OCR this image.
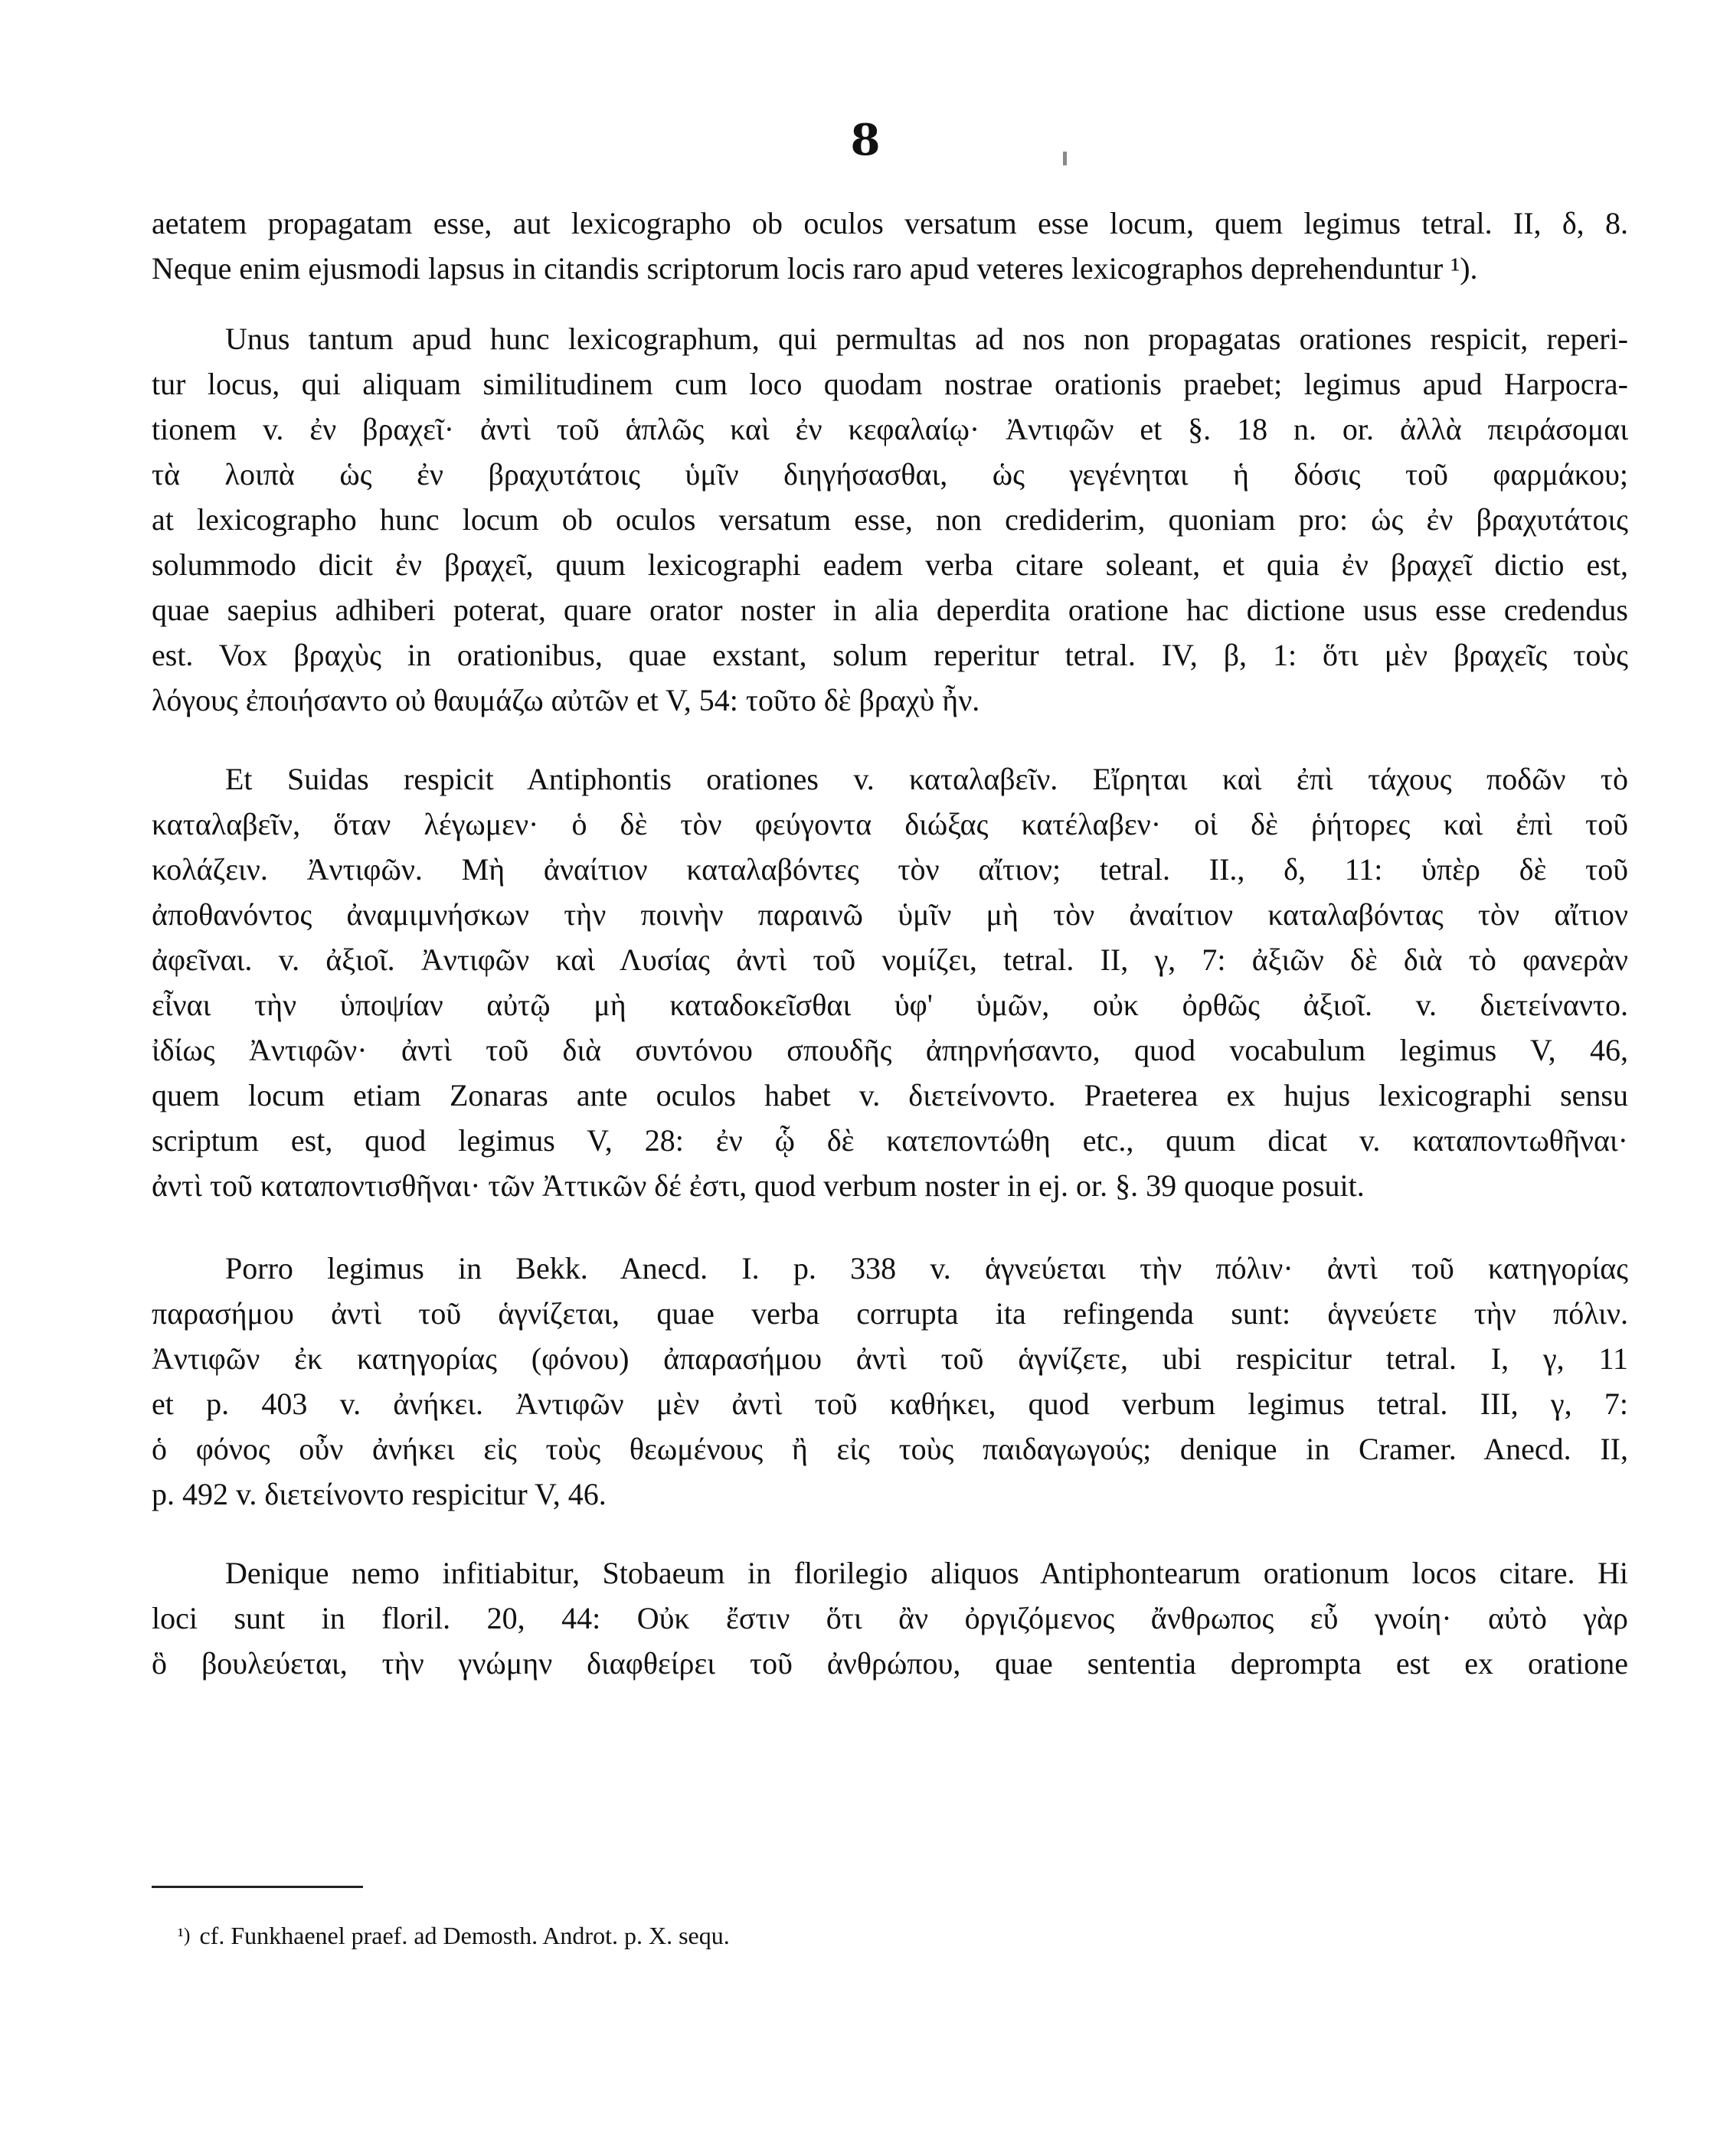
8
aetatem propagatam esse, aut lexicographo ob oculos versatum esse locum, quem legimus tetral. II, δ, 8.
Neque enim ejusmodi lapsus in citandis scriptorum locis raro apud veteres lexicographos deprehenduntur ¹).
Unus tantum apud hunc lexicographum, qui permultas ad nos non propagatas orationes respicit, reperi-
tur locus, qui aliquam similitudinem cum loco quodam nostrae orationis praebet; legimus apud Harpocra-
tionem v. ἐν βραχεῖ· ἀντὶ τοῦ ἁπλῶς καὶ ἐν κεφαλαίῳ· Ἀντιφῶν et §. 18 n. or. ἀλλὰ πειράσομαι
τὰ λοιπὰ ὡς ἐν βραχυτάτοις ὑμῖν διηγήσασθαι, ὡς γεγένηται ἡ δόσις τοῦ φαρμάκου;
at lexicographo hunc locum ob oculos versatum esse, non crediderim, quoniam pro: ὡς ἐν βραχυτάτοις
solummodo dicit ἐν βραχεῖ, quum lexicographi eadem verba citare soleant, et quia ἐν βραχεῖ dictio est,
quae saepius adhiberi poterat, quare orator noster in alia deperdita oratione hac dictione usus esse credendus
est. Vox βραχὺς in orationibus, quae exstant, solum reperitur tetral. IV, β, 1: ὅτι μὲν βραχεῖς τοὺς
λόγους ἐποιήσαντο οὐ θαυμάζω αὐτῶν et V, 54: τοῦτο δὲ βραχὺ ἦν.
Et Suidas respicit Antiphontis orationes v. καταλαβεῖν. Εἴρηται καὶ ἐπὶ τάχους ποδῶν τὸ
καταλαβεῖν, ὅταν λέγωμεν· ὁ δὲ τὸν φεύγοντα διώξας κατέλαβεν· οἱ δὲ ῥήτορες καὶ ἐπὶ τοῦ
κολάζειν. Ἀντιφῶν. Μὴ ἀναίτιον καταλαβόντες τὸν αἴτιον; tetral. II., δ, 11: ὑπὲρ δὲ τοῦ
ἀποθανόντος ἀναμιμνήσκων τὴν ποινὴν παραινῶ ὑμῖν μὴ τὸν ἀναίτιον καταλαβόντας τὸν αἴτιον
ἀφεῖναι. v. ἀξιοῖ. Ἀντιφῶν καὶ Λυσίας ἀντὶ τοῦ νομίζει, tetral. II, γ, 7: ἀξιῶν δὲ διὰ τὸ φανερὰν
εἶναι τὴν ὑποψίαν αὐτῷ μὴ καταδοκεῖσθαι ὑφ' ὑμῶν, οὐκ ὀρθῶς ἀξιοῖ. v. διετείναντο.
ἰδίως Ἀντιφῶν· ἀντὶ τοῦ διὰ συντόνου σπουδῆς ἀπηρνήσαντο, quod vocabulum legimus V, 46,
quem locum etiam Zonaras ante oculos habet v. διετείνοντο. Praeterea ex hujus lexicographi sensu
scriptum est, quod legimus V, 28: ἐν ᾧ δὲ κατεποντώθη etc., quum dicat v. καταποντωθῆναι·
ἀντὶ τοῦ καταποντισθῆναι· τῶν Ἀττικῶν δέ ἐστι, quod verbum noster in ej. or. §. 39 quoque posuit.
Porro legimus in Bekk. Anecd. I. p. 338 v. ἁγνεύεται τὴν πόλιν· ἀντὶ τοῦ κατηγορίας
παρασήμου ἀντὶ τοῦ ἁγνίζεται, quae verba corrupta ita refingenda sunt: ἁγνεύετε τὴν πόλιν.
Ἀντιφῶν ἐκ κατηγορίας (φόνου) ἀπαρασήμου ἀντὶ τοῦ ἁγνίζετε, ubi respicitur tetral. I, γ, 11
et p. 403 v. ἀνήκει. Ἀντιφῶν μὲν ἀντὶ τοῦ καθήκει, quod verbum legimus tetral. III, γ, 7:
ὁ φόνος οὖν ἀνήκει εἰς τοὺς θεωμένους ἢ εἰς τοὺς παιδαγωγούς; denique in Cramer. Anecd. II,
p. 492 v. διετείνοντο respicitur V, 46.
Denique nemo infitiabitur, Stobaeum in florilegio aliquos Antiphontearum orationum locos citare. Hi
loci sunt in floril. 20, 44: Οὐκ ἔστιν ὅτι ἂν ὀργιζόμενος ἄνθρωπος εὖ γνοίη· αὐτὸ γὰρ
ὃ βουλεύεται, τὴν γνώμην διαφθείρει τοῦ ἀνθρώπου, quae sententia deprompta est ex oratione
$^{^1)}$ cf. Funkhaenel praef. ad Demosth. Androt. p. X. sequ.
